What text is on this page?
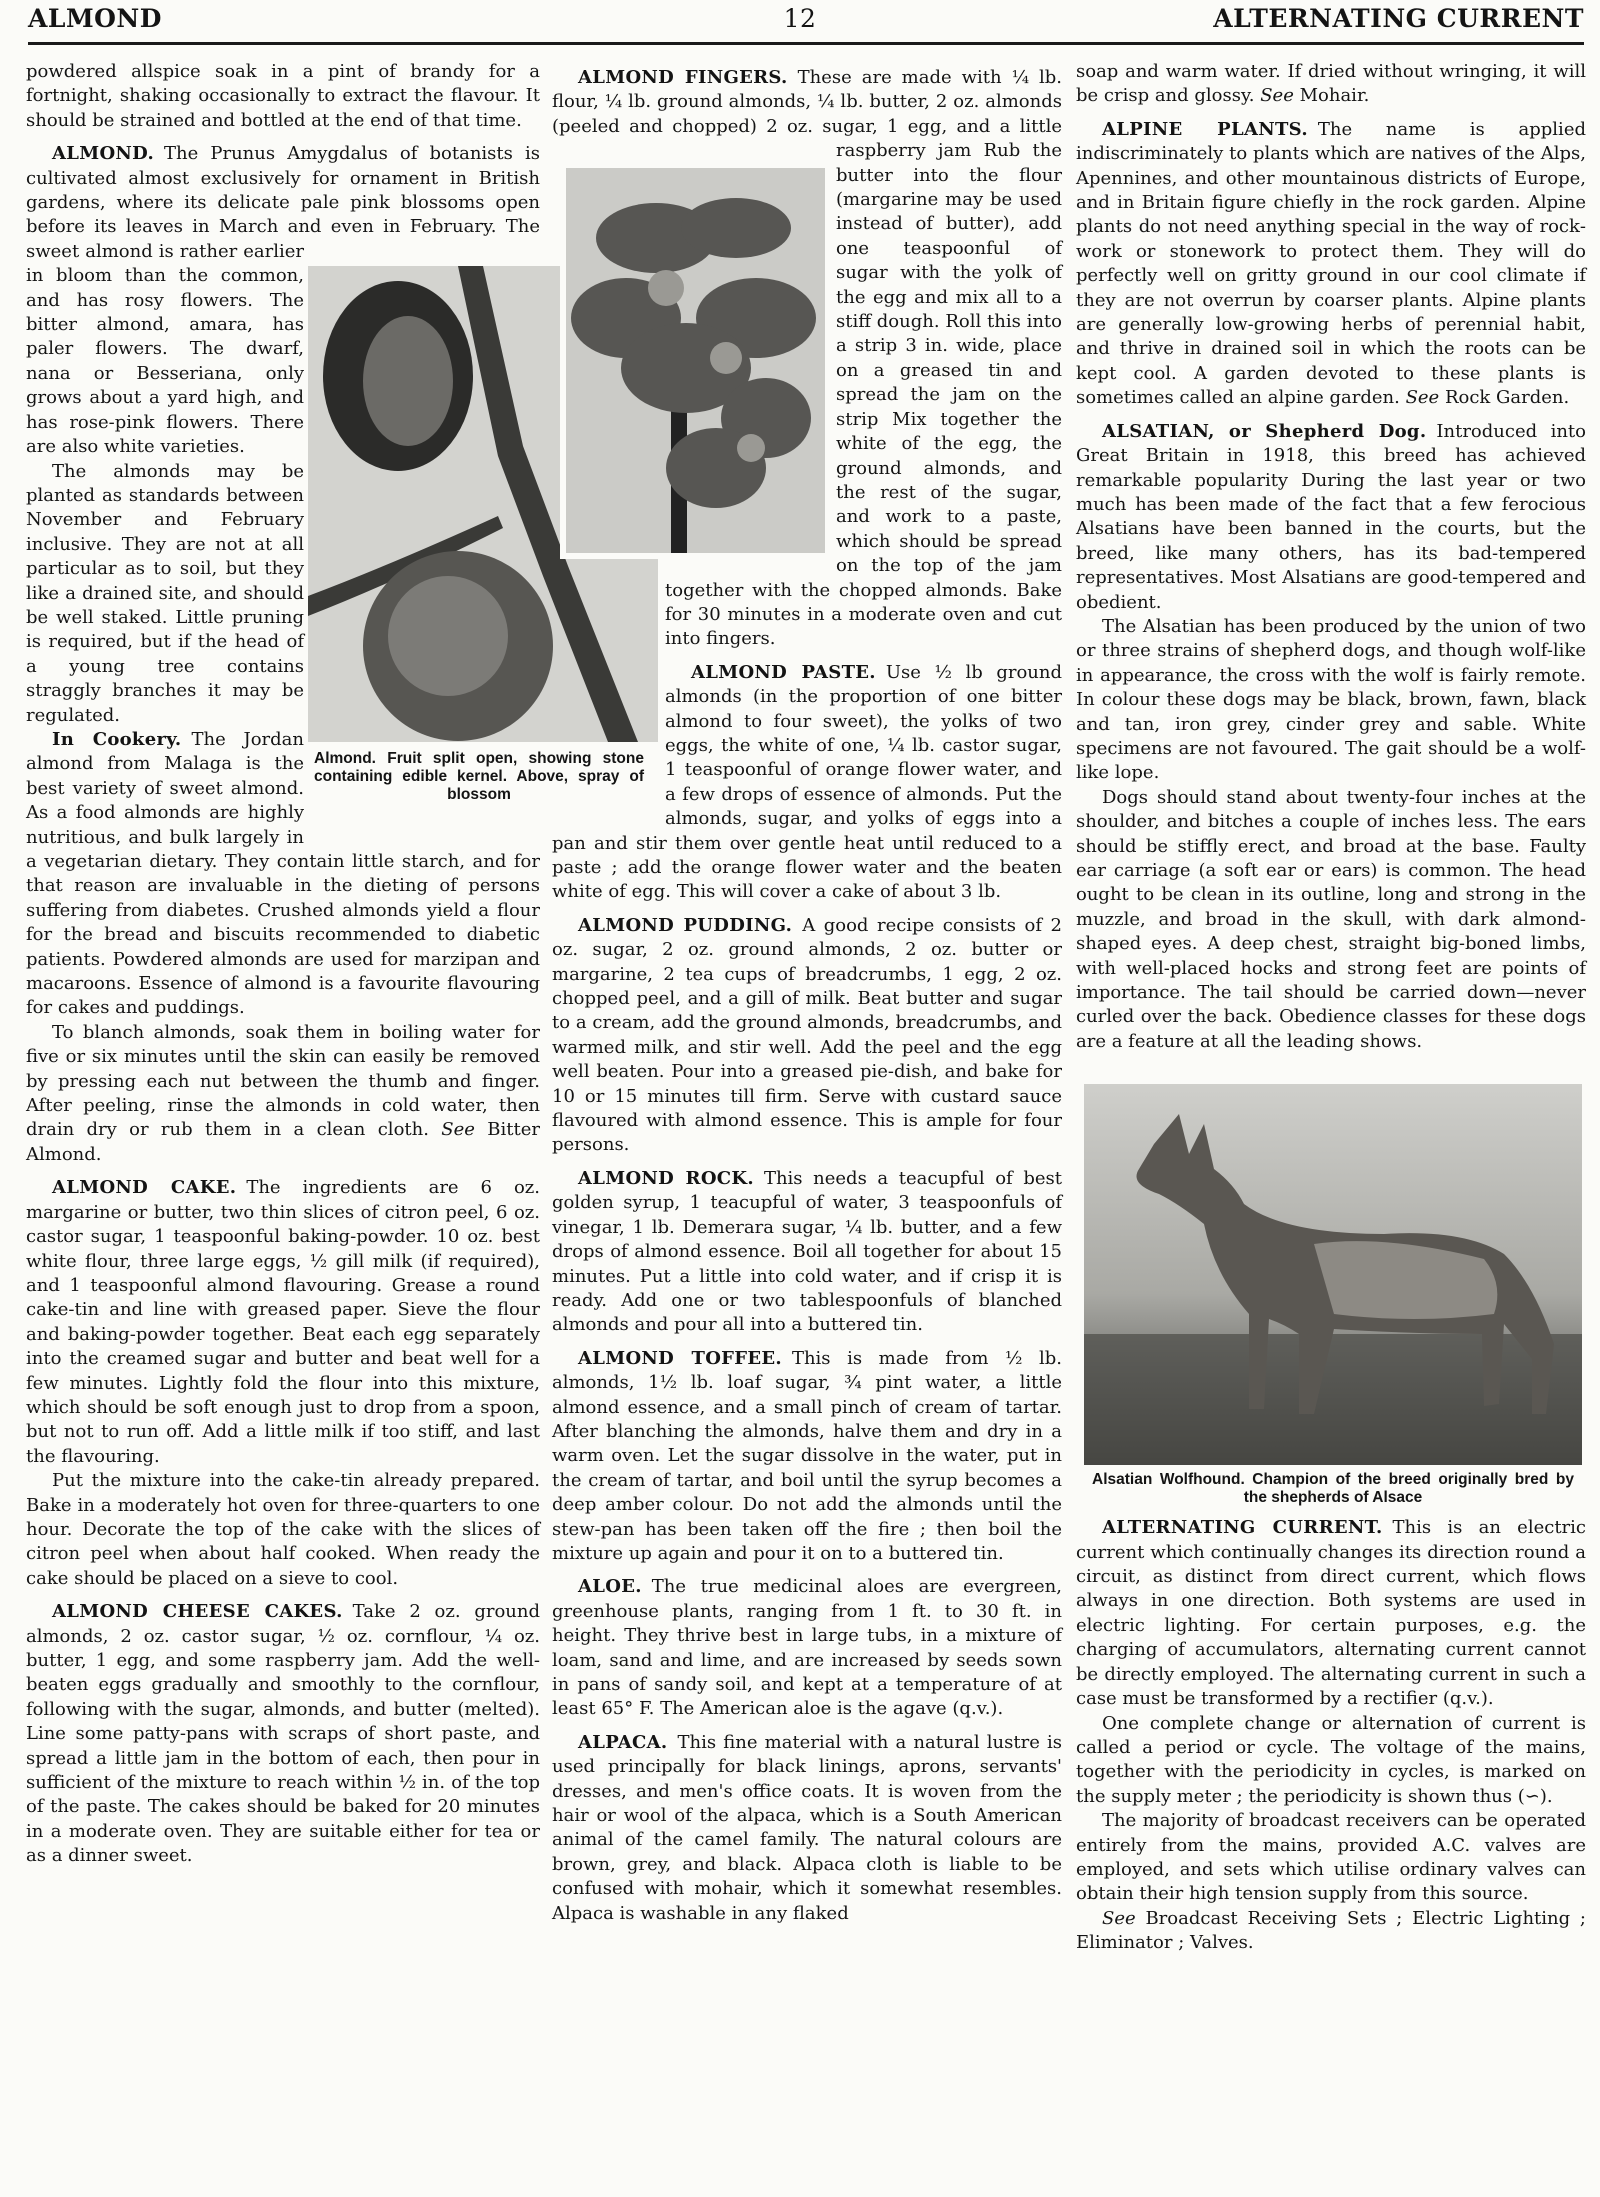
ALMOND	12	ALTERNATING CURRENT

powdered allspice soak in a pint of brandy for a fortnight, shaking occasionally to extract the flavour. It should be strained and bottled at the end of that time.

ALMOND. The Prunus Amygdalus of botanists is cultivated almost exclusively for ornament in British gardens, where its delicate pale pink blossoms open before its leaves in March and even in February. The sweet almond is rather earlier in bloom than the common, and has rosy flowers. The bitter almond, amara, has paler flowers. The dwarf, nana or Besseriana, only grows about a yard high, and has rose-pink flowers. There are also white varieties.

The almonds may be planted as standards between November and February inclusive. They are not at all particular as to soil, but they like a drained site, and should be well staked. Little pruning is required, but if the head of a young tree contains straggly branches it may be regulated.

In Cookery. The Jordan almond from Malaga is the best variety of sweet almond. As a food almonds are highly nutritious, and bulk largely in a vegetarian dietary. They contain little starch, and for that reason are invaluable in the dieting of persons suffering from diabetes. Crushed almonds yield a flour for the bread and biscuits recommended to diabetic patients. Powdered almonds are used for marzipan and macaroons. Essence of almond is a favourite flavouring for cakes and puddings.

To blanch almonds, soak them in boiling water for five or six minutes until the skin can easily be removed by pressing each nut between the thumb and finger. After peeling, rinse the almonds in cold water, then drain dry or rub them in a clean cloth. See Bitter Almond.

ALMOND CAKE. The ingredients are 6 oz. margarine or butter, two thin slices of citron peel, 6 oz. castor sugar, 1 teaspoonful baking-powder. 10 oz. best white flour, three large eggs, ½ gill milk (if required), and 1 teaspoonful almond flavouring. Grease a round cake-tin and line with greased paper. Sieve the flour and baking-powder together. Beat each egg separately into the creamed sugar and butter and beat well for a few minutes. Lightly fold the flour into this mixture, which should be soft enough just to drop from a spoon, but not to run off. Add a little milk if too stiff, and last the flavouring.

Put the mixture into the cake-tin already prepared. Bake in a moderately hot oven for three-quarters to one hour. Decorate the top of the cake with the slices of citron peel when about half cooked. When ready the cake should be placed on a sieve to cool.

ALMOND CHEESE CAKES. Take 2 oz. ground almonds, 2 oz. castor sugar, ½ oz. cornflour, ¼ oz. butter, 1 egg, and some raspberry jam. Add the well-beaten eggs gradually and smoothly to the cornflour, following with the sugar, almonds, and butter (melted). Line some patty-pans with scraps of short paste, and spread a little jam in the bottom of each, then pour in sufficient of the mixture to reach within ½ in. of the top of the paste. The cakes should be baked for 20 minutes in a moderate oven. They are suitable either for tea or as a dinner sweet.

ALMOND FINGERS. These are made with ¼ lb. flour, ¼ lb. ground almonds, ¼ lb. butter, 2 oz. almonds (peeled and chopped) 2 oz. sugar, 1 egg, and a little raspberry jam Rub the butter into the flour (margarine may be used instead of butter), add one teaspoonful of sugar with the yolk of the egg and mix all to a stiff dough. Roll this into a strip 3 in. wide, place on a greased tin and spread the jam on the strip Mix together the white of the egg, the ground almonds, and the rest of the sugar, and work to a paste, which should be spread on the top of the jam together with the chopped almonds. Bake for 30 minutes in a moderate oven and cut into fingers.

ALMOND PASTE. Use ½ lb ground almonds (in the proportion of one bitter almond to four sweet), the yolks of two eggs, the white of one, ¼ lb. castor sugar, 1 teaspoonful of orange flower water, and a few drops of essence of almonds. Put the almonds, sugar, and yolks of eggs into a pan and stir them over gentle heat until reduced to a paste ; add the orange flower water and the beaten white of egg. This will cover a cake of about 3 lb.

ALMOND PUDDING. A good recipe consists of 2 oz. sugar, 2 oz. ground almonds, 2 oz. butter or margarine, 2 tea cups of breadcrumbs, 1 egg, 2 oz. chopped peel, and a gill of milk. Beat butter and sugar to a cream, add the ground almonds, breadcrumbs, and warmed milk, and stir well. Add the peel and the egg well beaten. Pour into a greased pie-dish, and bake for 10 or 15 minutes till firm. Serve with custard sauce flavoured with almond essence. This is ample for four persons.

ALMOND ROCK. This needs a teacupful of best golden syrup, 1 teacupful of water, 3 teaspoonfuls of vinegar, 1 lb. Demerara sugar, ¼ lb. butter, and a few drops of almond essence. Boil all together for about 15 minutes. Put a little into cold water, and if crisp it is ready. Add one or two tablespoonfuls of blanched almonds and pour all into a buttered tin.

ALMOND TOFFEE. This is made from ½ lb. almonds, 1½ lb. loaf sugar, ¾ pint water, a little almond essence, and a small pinch of cream of tartar. After blanching the almonds, halve them and dry in a warm oven. Let the sugar dissolve in the water, put in the cream of tartar, and boil until the syrup becomes a deep amber colour. Do not add the almonds until the stew-pan has been taken off the fire ; then boil the mixture up again and pour it on to a buttered tin.

ALOE. The true medicinal aloes are evergreen, greenhouse plants, ranging from 1 ft. to 30 ft. in height. They thrive best in large tubs, in a mixture of loam, sand and lime, and are increased by seeds sown in pans of sandy soil, and kept at a temperature of at least 65° F. The American aloe is the agave (q.v.).

ALPACA. This fine material with a natural lustre is used principally for black linings, aprons, servants' dresses, and men's office coats. It is woven from the hair or wool of the alpaca, which is a South American animal of the camel family. The natural colours are brown, grey, and black. Alpaca cloth is liable to be confused with mohair, which it somewhat resembles. Alpaca is washable in any flaked

soap and warm water. If dried without wringing, it will be crisp and glossy. See Mohair.

ALPINE PLANTS. The name is applied indiscriminately to plants which are natives of the Alps, Apennines, and other mountainous districts of Europe, and in Britain figure chiefly in the rock garden. Alpine plants do not need anything special in the way of rockwork or stonework to protect them. They will do perfectly well on gritty ground in our cool climate if they are not overrun by coarser plants. Alpine plants are generally low-growing herbs of perennial habit, and thrive in drained soil in which the roots can be kept cool. A garden devoted to these plants is sometimes called an alpine garden. See Rock Garden.

ALSATIAN, or Shepherd Dog. Introduced into Great Britain in 1918, this breed has achieved remarkable popularity During the last year or two much has been made of the fact that a few ferocious Alsatians have been banned in the courts, but the breed, like many others, has its bad-tempered representatives. Most Alsatians are good-tempered and obedient.

The Alsatian has been produced by the union of two or three strains of shepherd dogs, and though wolf-like in appearance, the cross with the wolf is fairly remote. In colour these dogs may be black, brown, fawn, black and tan, iron grey, cinder grey and sable. White specimens are not favoured. The gait should be a wolf-like lope.

Dogs should stand about twenty-four inches at the shoulder, and bitches a couple of inches less. The ears should be stiffly erect, and broad at the base. Faulty ear carriage (a soft ear or ears) is common. The head ought to be clean in its outline, long and strong in the muzzle, and broad in the skull, with dark almond-shaped eyes. A deep chest, straight big-boned limbs, with well-placed hocks and strong feet are points of importance. The tail should be carried down—never curled over the back. Obedience classes for these dogs are a feature at all the leading shows.

Alsatian Wolfhound. Champion of the breed originally bred by the shepherds of Alsace

ALTERNATING CURRENT. This is an electric current which continually changes its direction round a circuit, as distinct from direct current, which flows always in one direction. Both systems are used in electric lighting. For certain purposes, e.g. the charging of accumulators, alternating current cannot be directly employed. The alternating current in such a case must be transformed by a rectifier (q.v.).

One complete change or alternation of current is called a period or cycle. The voltage of the mains, together with the periodicity in cycles, is marked on the supply meter ; the periodicity is shown thus (∽).

The majority of broadcast receivers can be operated entirely from the mains, provided A.C. valves are employed, and sets which utilise ordinary valves can obtain their high tension supply from this source.

See Broadcast Receiving Sets ; Electric Lighting ; Eliminator ; Valves.

Almond. Fruit split open, showing stone containing edible kernel. Above, spray of blossom
